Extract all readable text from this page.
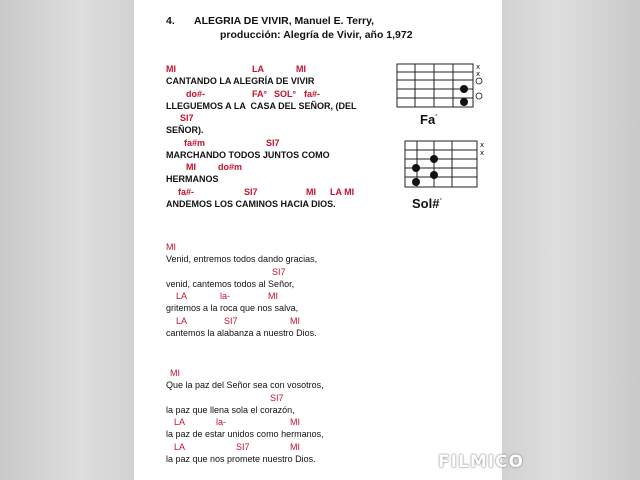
4. ALEGRIA DE VIVIR, Manuel E. Terry,
producción: Alegría de Vivir, año 1,972
MI	LA	MI
CANTANDO LA ALEGRÍA DE VIVIR
do#-	FA° SOL° fa#-
LLEGUEMOS A LA  CASA DEL SEÑOR, (DEL
SI7
SEÑOR).
fa#m	SI7
MARCHANDO TODOS JUNTOS COMO
MI do#m
HERMANOS
fa#-	SI7	MI LA MI
ANDEMOS LOS CAMINOS HACIA DIOS.
MI
Venid, entremos todos dando gracias,
SI7
venid, cantemos todos al Señor,
LA	la-	MI
gritemos a la roca que nos salva,
LA	SI7	MI
cantemos la alabanza a nuestro Dios.
MI
Que la paz del Señor sea con vosotros,
SI7
la paz que llena sola el corazón,
LA	la-	MI
la paz de estar unidos como hermanos,
LA	SI7	MI
la paz que nos promete nuestro Dios.
x
x
Fa°
x
x
Sol#°
FILMICO
